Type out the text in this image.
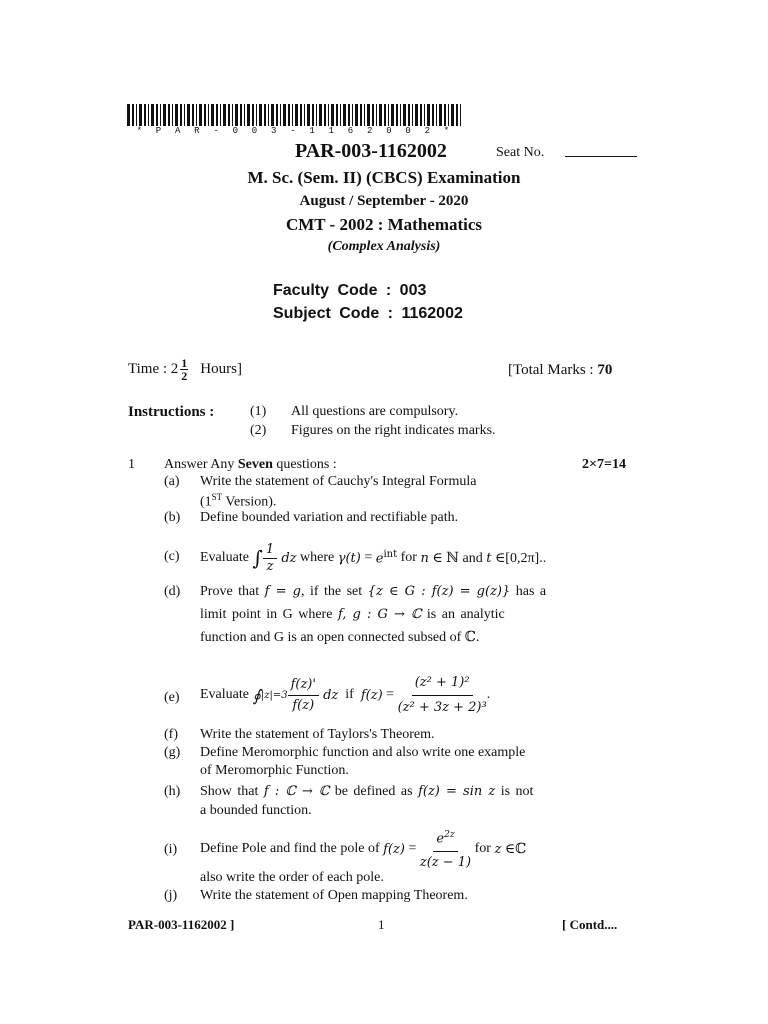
* P A R - 0 0 3 - 1 1 6 2 0 0 2 *
PAR-003-1162002	Seat No.
M. Sc. (Sem. II) (CBCS) Examination
August / September - 2020
CMT - 2002 : Mathematics
(Complex Analysis)
Faculty Code : 003
Subject Code : 1162002
Time : $2 \frac{1}{2}$ Hours]	[Total Marks : 70
Instructions :	(1) All questions are compulsory.
(2) Figures on the right indicates marks.
1 Answer Any Seven questions :	2×7=14
(a) Write the statement of Cauchy's Integral Formula
(1ST Version).
(b) Define bounded variation and rectifiable path.
(c) Evaluate ∫ 1
z
dz where $\gamma(t) = e^{int}$ for n ∈ ℕ and t ∈[0,2π]..
(d) Prove that f = g, if the set {z ∈ G : f(z) = g(z)} has a
limit point in G where f, g : G → ℂ is an analytic
function and G is an open connected subsed of ℂ.
(e) Evaluate ∮ |z|=3
f(z)'
f(z)
dz if f(z) =
(z² + 1)²
(z² + 3z + 2)³
.
(f) Write the statement of Taylors's Theorem.
(g) Define Meromorphic function and also write one example
of Meromorphic Function.
(h) Show that f : ℂ → ℂ be defined as f(z) = sin z is not
a bounded function.
(i) Define Pole and find the pole of f(z) =
$e^{2z}$
z(z − 1)
for z ∈ℂ
also write the order of each pole.
(j) Write the statement of Open mapping Theorem.
PAR-003-1162002 ]	1	[ Contd....
